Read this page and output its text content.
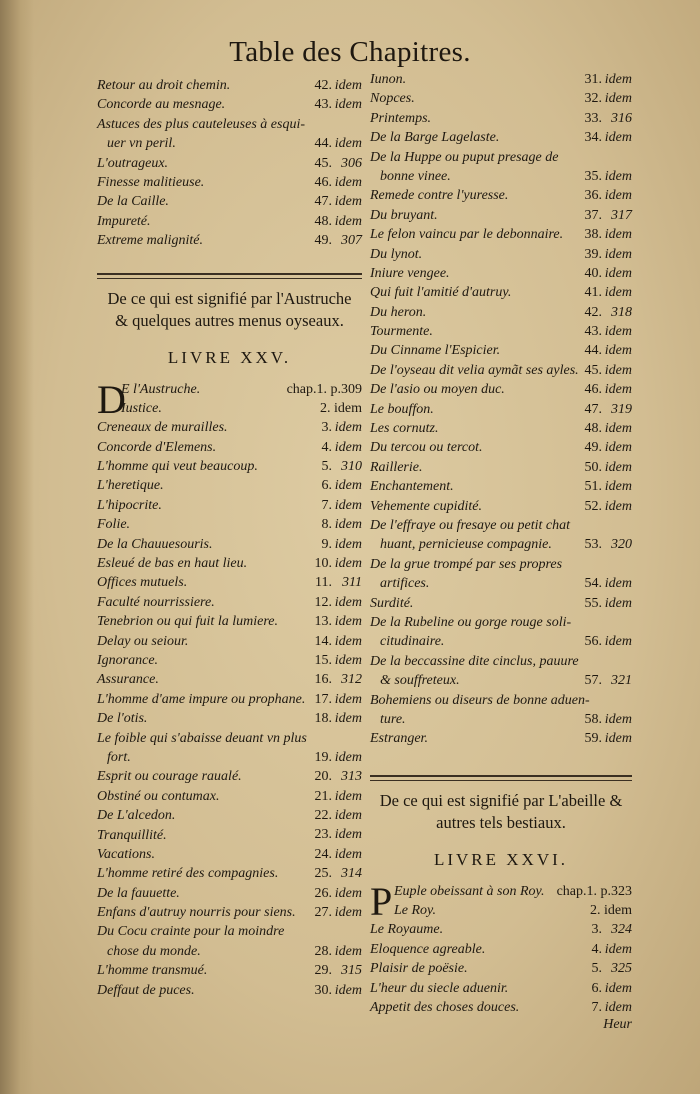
Table des Chapitres.
Retour au droit chemin.	42. idem
Concorde au mesnage.	43. idem
Astuces des plus cauteleuses à esqui-
uer vn peril.	44. idem
L'outrageux.	45. 306
Finesse malitieuse.	46. idem
De la Caille.	47. idem
Impureté.	48. idem
Extreme malignité.	49. 307
De ce qui est signifié par l'Austruche & quelques autres menus oyseaux.
LIVRE XXV.
D
E l'Austruche.	chap.1. p.309
Iustice.	2. idem
Creneaux de murailles.	3. idem
Concorde d'Elemens.	4. idem
L'homme qui veut beaucoup.	5. 310
L'heretique.	6. idem
L'hipocrite.	7. idem
Folie.	8. idem
De la Chauuesouris.	9. idem
Esleué de bas en haut lieu.	10. idem
Offices mutuels.	11. 311
Faculté nourrissiere.	12. idem
Tenebrion ou qui fuit la lumiere.	13. idem
Delay ou seiour.	14. idem
Ignorance.	15. idem
Assurance.	16. 312
L'homme d'ame impure ou prophane. 17. idem
De l'otis.	18. idem
Le foible qui s'abaisse deuant vn plus
fort.	19. idem
Esprit ou courage raualé.	20. 313
Obstiné ou contumax.	21. idem
De L'alcedon.	22. idem
Tranquillité.	23. idem
Vacations.	24. idem
L'homme retiré des compagnies.	25. 314
De la fauuette.	26. idem
Enfans d'autruy nourris pour siens.	27. idem
Du Cocu crainte pour la moindre
chose du monde.	28. idem
L'homme transmué.	29. 315
Deffaut de puces.	30. idem
Iunon.	31. idem
Nopces.	32. idem
Printemps.	33. 316
De la Barge Lagelaste.	34. idem
De la Huppe ou puput presage de
bonne vinee.	35. idem
Remede contre l'yuresse.	36. idem
Du bruyant.	37. 317
Le felon vaincu par le debonnaire.	38. idem
Du lynot.	39. idem
Iniure vengee.	40. idem
Qui fuit l'amitié d'autruy.	41. idem
Du heron.	42. 318
Tourmente.	43. idem
Du Cinname l'Espicier.	44. idem
De l'oyseau dit velia aymãt ses ayles. 45. idem
De l'asio ou moyen duc.	46. idem
Le bouffon.	47. 319
Les cornutz.	48. idem
Du tercou ou tercot.	49. idem
Raillerie.	50. idem
Enchantement.	51. idem
Vehemente cupidité.	52. idem
De l'effraye ou fresaye ou petit chat
huant, pernicieuse compagnie.	53. 320
De la grue trompé par ses propres
artifices.	54. idem
Surdité.	55. idem
De la Rubeline ou gorge rouge soli-
citudinaire.	56. idem
De la beccassine dite cinclus, pauure
& souffreteux.	57. 321
Bohemiens ou diseurs de bonne aduen-
ture.	58. idem
Estranger.	59. idem
De ce qui est signifié par L'abeille & autres tels bestiaux.
LIVRE XXVI.
P Euple obeissant à son Roy. chap.1. p.323
Le Roy.	2. idem
Le Royaume.	3. 324
Eloquence agreable.	4. idem
Plaisir de poësie.	5. 325
L'heur du siecle aduenir.	6. idem
Appetit des choses douces.	7. idem
Heur
